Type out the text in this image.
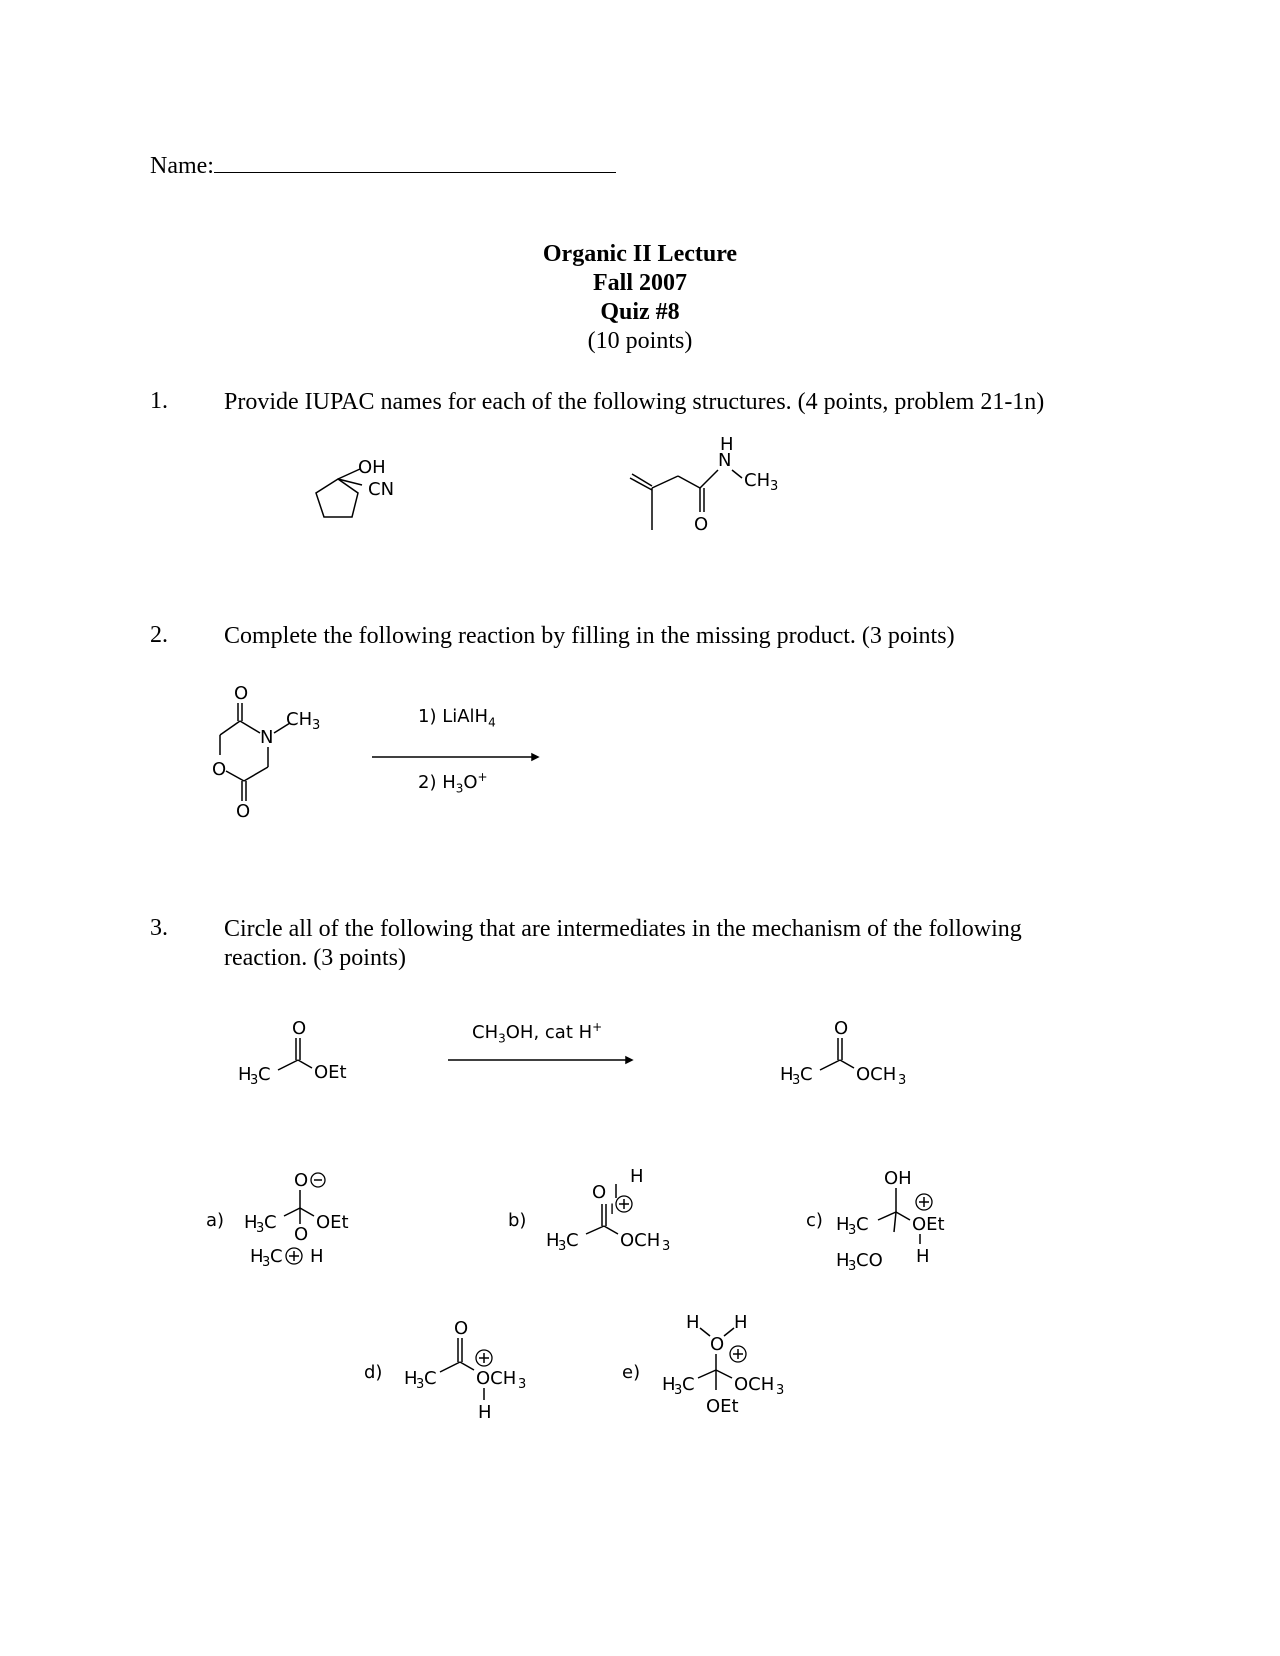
Name:
Organic II Lecture
Fall 2007
Quiz #8
(10 points)
1. Provide IUPAC names for each of the following structures. (4 points, problem 21-1n)
OH
CN
O
N
H
CH 3
2. Complete the following reaction by filling in the missing product. (3 points)
O
N
CH 3
O
O
1) LiAlH$_4$
2) $H_3O^+$
3. Circle all of the following that are intermediates in the mechanism of the following reaction. (3 points)
O
H
3 C OEt
$CH_3OH$, cat H+	O
H
3 C OCH 3
a)
O
H
3 C OEt
O
H
3 C H
b)
H
O
I
H
3 C OCH 3
c)
OH
H
3 C OEt
H
H
3 CO
d)
O
H
3 C OCH 3
H
e)
H H
O
H
3 C OCH 3
OEt
